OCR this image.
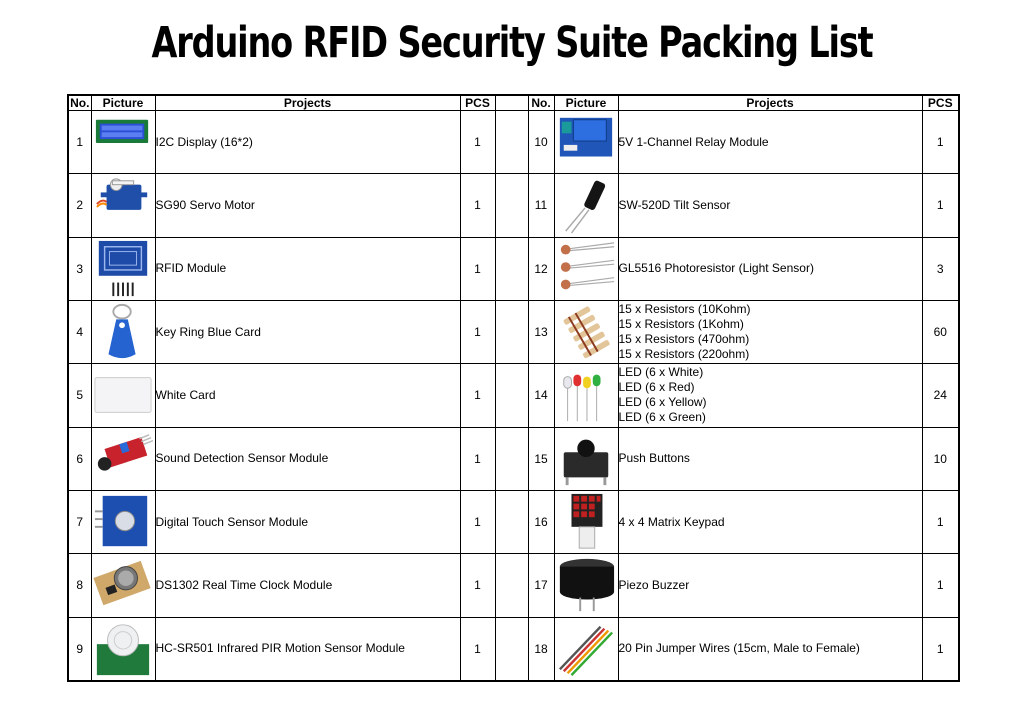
Arduino RFID Security Suite Packing List
No.	Picture	Projects	PCS		No.	Picture	Projects	PCS
1		I2C Display (16*2)	1		10		5V 1-Channel Relay Module	1
2		SG90 Servo Motor	1		11		SW-520D Tilt Sensor	1
3		RFID Module	1		12		GL5516 Photoresistor (Light Sensor)	3
4		Key Ring Blue Card	1		13		15 x Resistors (10Kohm)
15 x Resistors (1Kohm)
15 x Resistors (470ohm)
15 x Resistors (220ohm)	60
5		White Card	1		14		LED (6 x White)
LED (6 x Red)
LED (6 x Yellow)
LED (6 x Green)	24
6		Sound Detection Sensor Module	1		15		Push Buttons	10
7		Digital Touch Sensor Module	1		16		4 x 4 Matrix Keypad	1
8		DS1302 Real Time Clock Module	1		17		Piezo Buzzer	1
9		HC-SR501 Infrared PIR Motion Sensor Module	1		18		20 Pin Jumper Wires (15cm, Male to Female)	1
